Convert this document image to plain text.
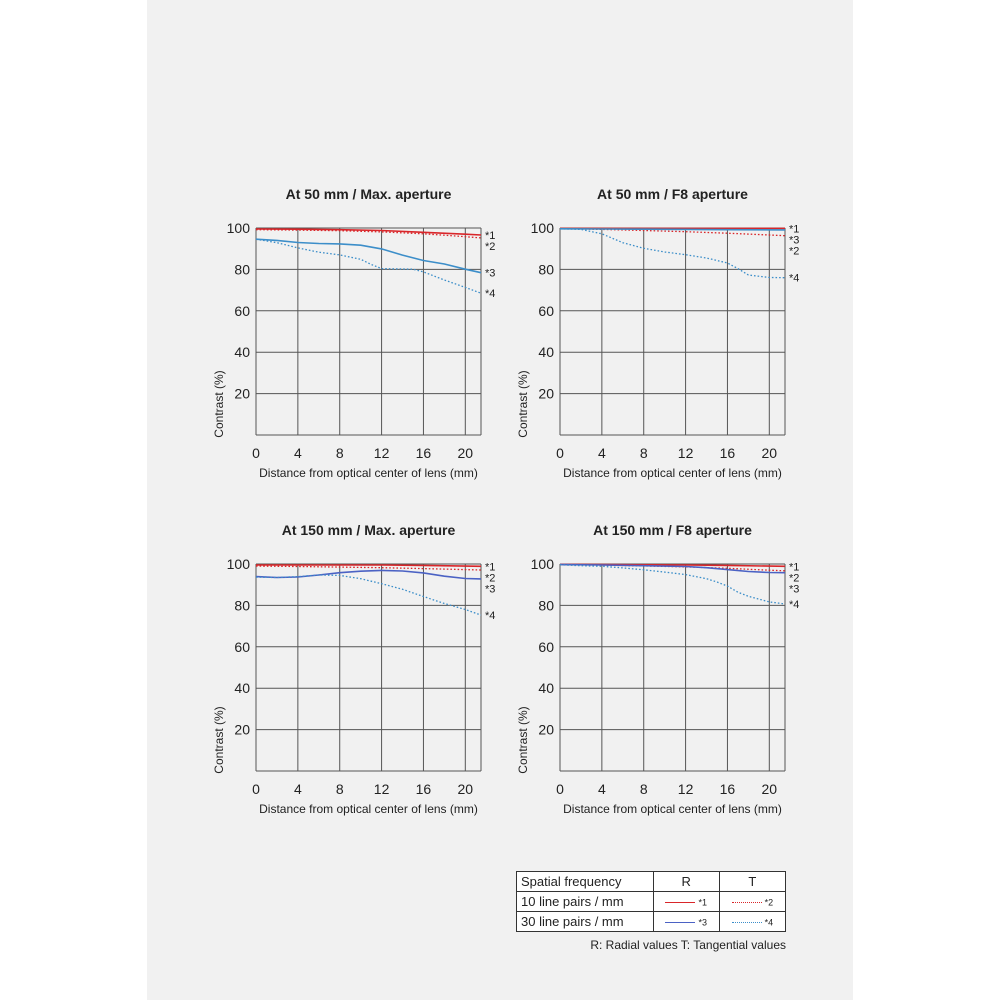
At 50 mm / Max. aperture
20
40
60
80
100
0 4 8 12 16 20
Distance from optical center of lens (mm)
Contrast (%)
*1
*2
*3
*4
At 50 mm / F8 aperture
20
40
60
80
100
0 4 8 12 16 20
Distance from optical center of lens (mm)
Contrast (%)
*1
*3
*2
*4
At 150 mm / Max. aperture
20
40
60
80
100
0 4 8 12 16 20
Distance from optical center of lens (mm)
Contrast (%)
*1
*2
*3
*4
At 150 mm / F8 aperture
20
40
60
80
100
0 4 8 12 16 20
Distance from optical center of lens (mm)
Contrast (%)
*1
*2
*3
*4
Spatial frequency	R	T
10 line pairs / mm	*1	*2
30 line pairs / mm	*3	*4
R: Radial values T: Tangential values
